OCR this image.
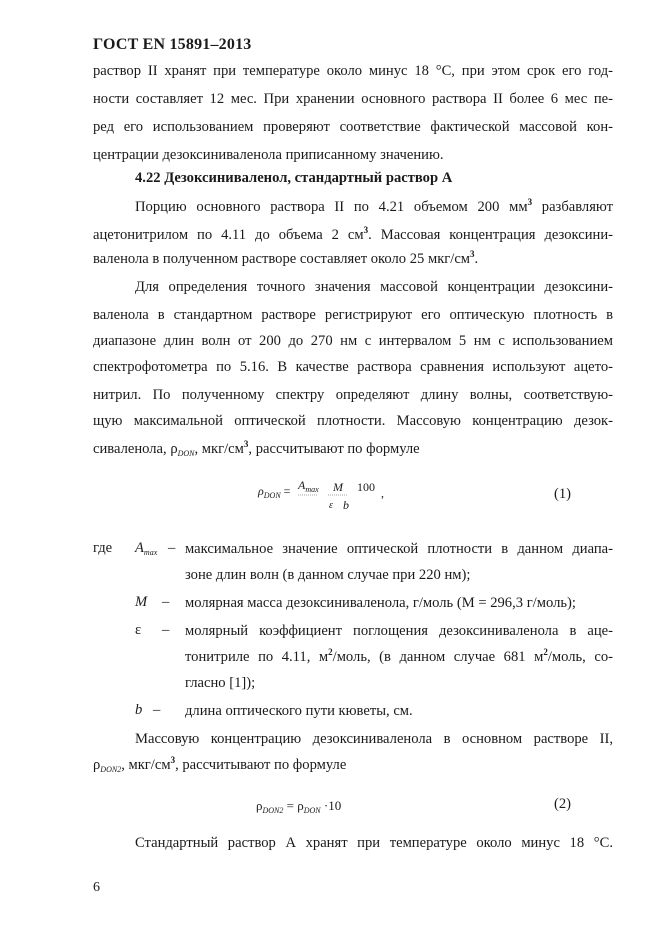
ГОСТ EN 15891–2013
раствор II хранят при температуре около минус 18 °С, при этом срок его год-
ности составляет 12 мес. При хранении основного раствора II более 6 мес пе-
ред его использованием проверяют соответствие фактической массовой кон-
центрации дезоксиниваленола приписанному значению.
4.22 Дезоксиниваленол, стандартный раствор А
Порцию основного раствора II по 4.21 объемом 200 $мм^3$ разбавляют
ацетонитрилом по 4.11 до объема 2 $см^3$. Массовая концентрация дезоксини-
валенола в полученном растворе составляет около 25 мкг/$см^3$.
Для определения точного значения массовой концентрации дезоксини-
валенола в стандартном растворе регистрируют его оптическую плотность в
диапазоне длин волн от 200 до 270 нм с интервалом 5 нм с использованием
спектрофотометра по 5.16. В качестве раствора сравнения используют ацето-
нитрил. По полученному спектру определяют длину волны, соответствую-
щую максимальной оптической плотности. Массовую концентрацию дезок-
сиваленола, $\rho_{DON}$, мкг/$см^3$, рассчитывают по формуле
$\rho_{DON} = A_{max}$ M
ε b
100 ,	(1)
где $A_{max}$ – максимальное значение оптической плотности в данном диапа-
зоне длин волн (в данном случае при 220 нм);
M – молярная масса дезоксиниваленола, г/моль (M = 296,3 г/моль);
ε – молярный коэффициент поглощения дезоксиниваленола в аце-
тонитриле по 4.11, $м^2$/моль, (в данном случае 681 $м^2$/моль, со-
гласно [1]);
b – длина оптического пути кюветы, см.
Массовую концентрацию дезоксиниваленола в основном растворе II,
$\rho_{DON2}$, мкг/$см^3$, рассчитывают по формуле
$\rho_{DON2} = \rho_{DON} \cdot 10$	(2)
Стандартный раствор А хранят при температуре около минус 18 °С.
6
